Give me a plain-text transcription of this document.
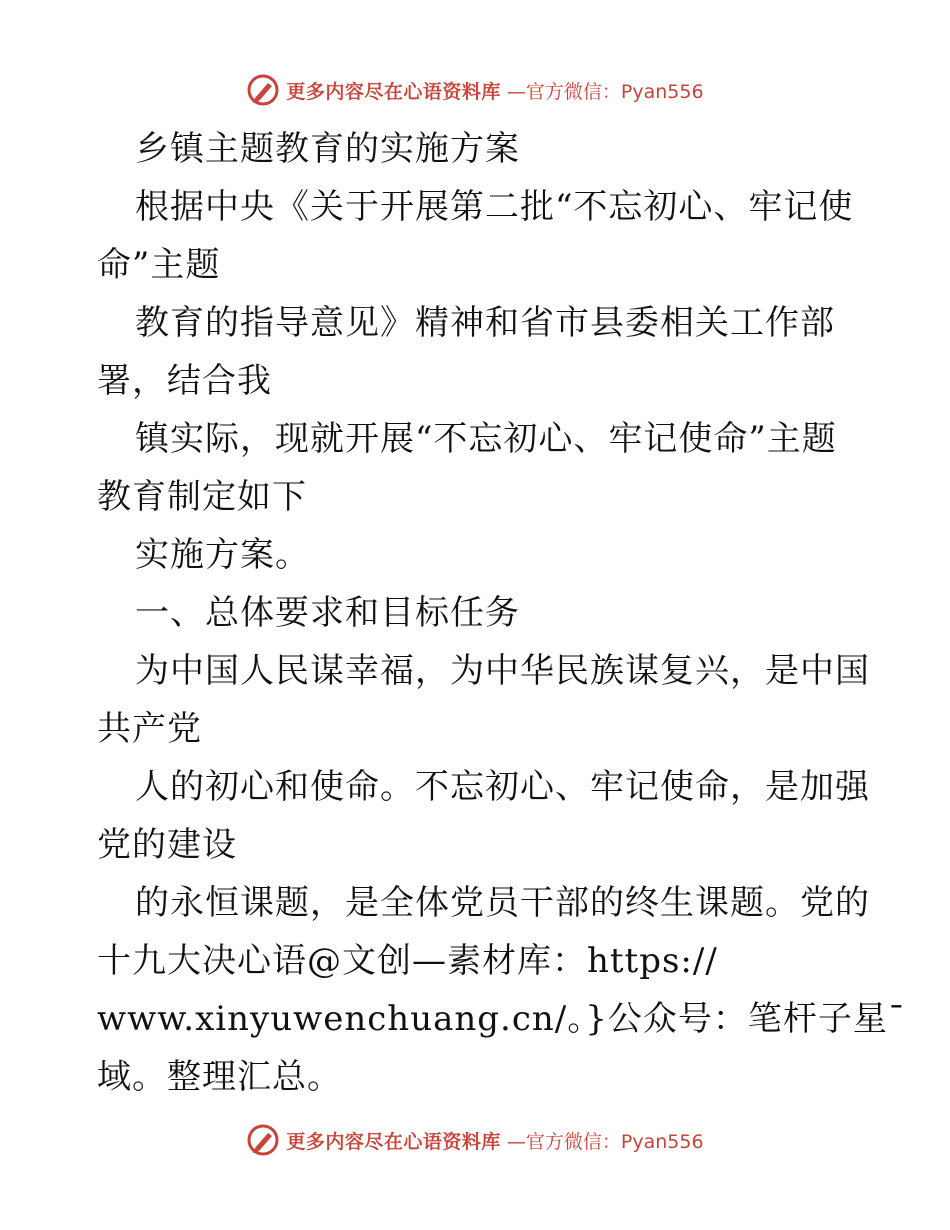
更多内容尽在心语资料库 —官方微信：Pyan556
乡镇主题教育的实施方案
根据中央《关于开展第二批“不忘初心、牢记使
命”主题
教育的指导意见》精神和省市县委相关工作部
署，结合我
镇实际，现就开展“不忘初心、牢记使命”主题
教育制定如下
实施方案。
一、总体要求和目标任务
为中国人民谋幸福，为中华民族谋复兴，是中国
共产党
人的初心和使命。不忘初心、牢记使命，是加强
党的建设
的永恒课题，是全体党员干部的终生课题。党的
十九大决心语@文创—素材库：https://
www.xinyuwenchuang.cn/。}公众号：笔杆子星¯
域。整理汇总。
更多内容尽在心语资料库 —官方微信：Pyan556
